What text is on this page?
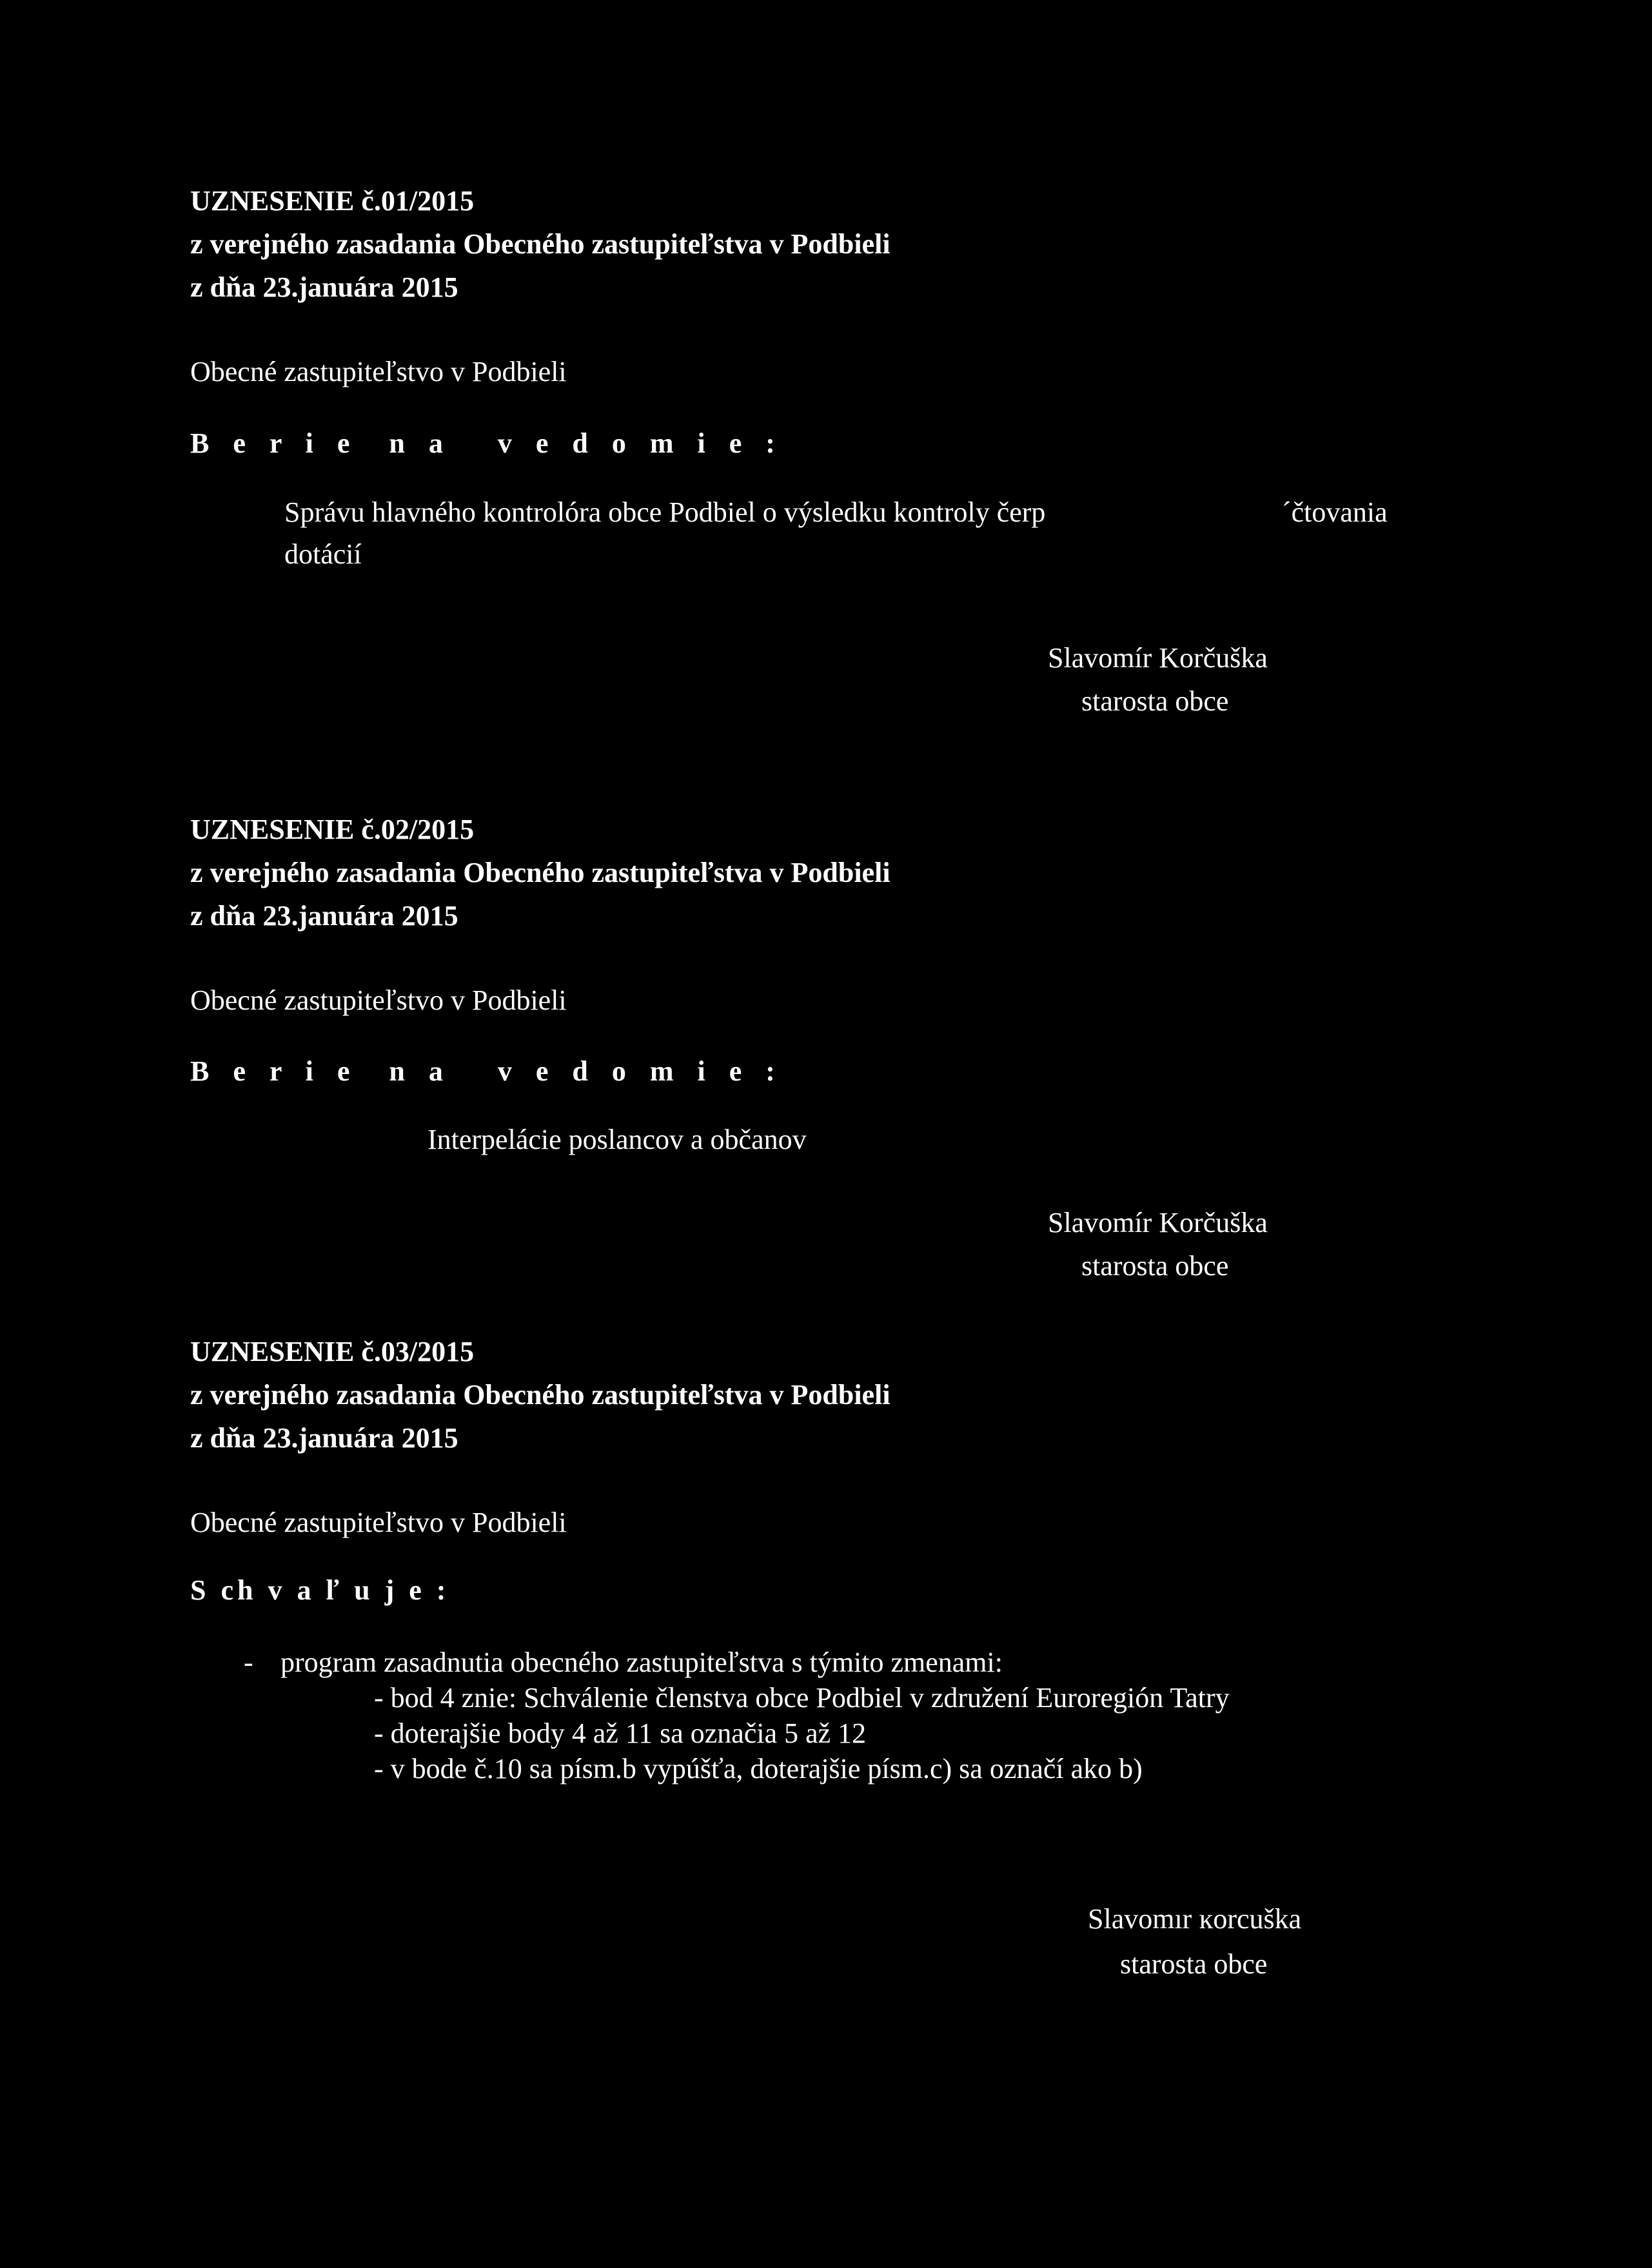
UZNESENIE č.01/2015
z verejného zasadania Obecného zastupiteľstva v Podbieli
z dňa 23.januára 2015
Obecné zastupiteľstvo v Podbieli
B e r i e  n a   v e d o m i e :
Správu hlavného kontrolóra obce Podbiel o výsledku kontroly čerp	´čtovania
dotácií
Slavomír Korčuška
starosta obce
UZNESENIE č.02/2015
z verejného zasadania Obecného zastupiteľstva v Podbieli
z dňa 23.januára 2015
Obecné zastupiteľstvo v Podbieli
B e r i e  n a   v e d o m i e :
Interpelácie poslancov a občanov
Slavomír Korčuška
starosta obce
UZNESENIE č.03/2015
z verejného zasadania Obecného zastupiteľstva v Podbieli
z dňa 23.januára 2015
Obecné zastupiteľstvo v Podbieli
S ch v a ľ u j e :
- program zasadnutia obecného zastupiteľstva s týmito zmenami:
- bod 4 znie: Schválenie členstva obce Podbiel v združení Euroregión Tatry
- doterajšie body 4 až 11 sa označia 5 až 12
- v bode č.10 sa písm.b vypúšťa, doterajšie písm.c) sa označí ako b)
Slavomır ĸorcuška
starosta obce
